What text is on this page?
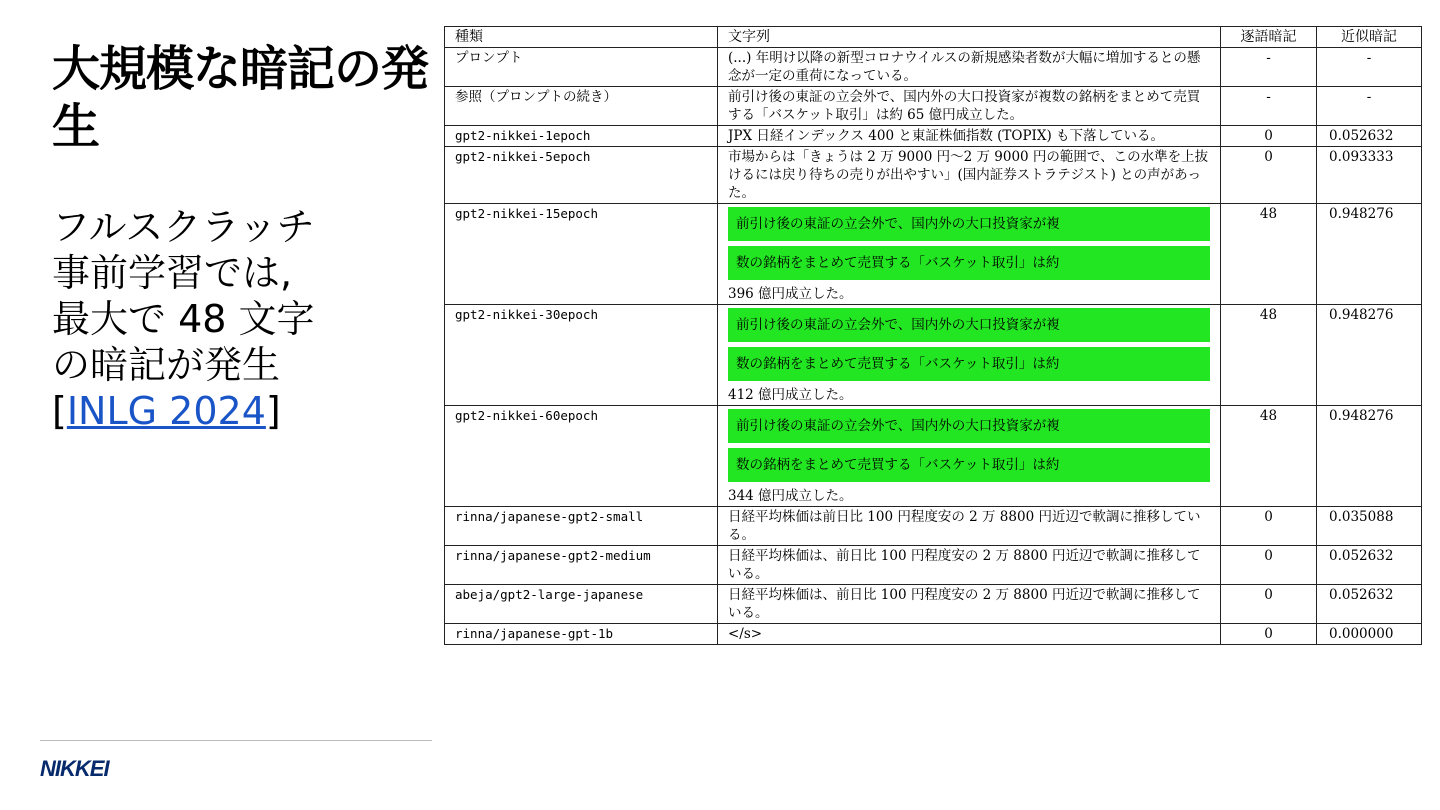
大規模な暗記の発生
フルスクラッチ
事前学習では,
最大で 48 文字
の暗記が発生
[INLG 2024]
NIKKEI
種類	文字列	逐語暗記	近似暗記
プロンプト	(...) 年明け以降の新型コロナウイルスの新規感染者数が大幅に増加するとの懸念が一定の重荷になっている。	-	-
参照（プロンプトの続き）	前引け後の東証の立会外で、国内外の大口投資家が複数の銘柄をまとめて売買する「バスケット取引」は約 65 億円成立した。	-	-
gpt2-nikkei-1epoch	JPX 日経インデックス 400 と東証株価指数 (TOPIX) も下落している。	0	0.052632
gpt2-nikkei-5epoch	市場からは「きょうは 2 万 9000 円〜2 万 9000 円の範囲で、この水準を上抜けるには戻り待ちの売りが出やすい」(国内証券ストラテジスト) との声があった。	0	0.093333
gpt2-nikkei-15epoch	前引け後の東証の立会外で、国内外の大口投資家が複
数の銘柄をまとめて売買する「バスケット取引」は約
396 億円成立した。	48	0.948276
gpt2-nikkei-30epoch	前引け後の東証の立会外で、国内外の大口投資家が複
数の銘柄をまとめて売買する「バスケット取引」は約
412 億円成立した。	48	0.948276
gpt2-nikkei-60epoch	前引け後の東証の立会外で、国内外の大口投資家が複
数の銘柄をまとめて売買する「バスケット取引」は約
344 億円成立した。	48	0.948276
rinna/japanese-gpt2-small	日経平均株価は前日比 100 円程度安の 2 万 8800 円近辺で軟調に推移している。	0	0.035088
rinna/japanese-gpt2-medium	日経平均株価は、前日比 100 円程度安の 2 万 8800 円近辺で軟調に推移している。	0	0.052632
abeja/gpt2-large-japanese	日経平均株価は、前日比 100 円程度安の 2 万 8800 円近辺で軟調に推移している。	0	0.052632
rinna/japanese-gpt-1b	</s>	0	0.000000
